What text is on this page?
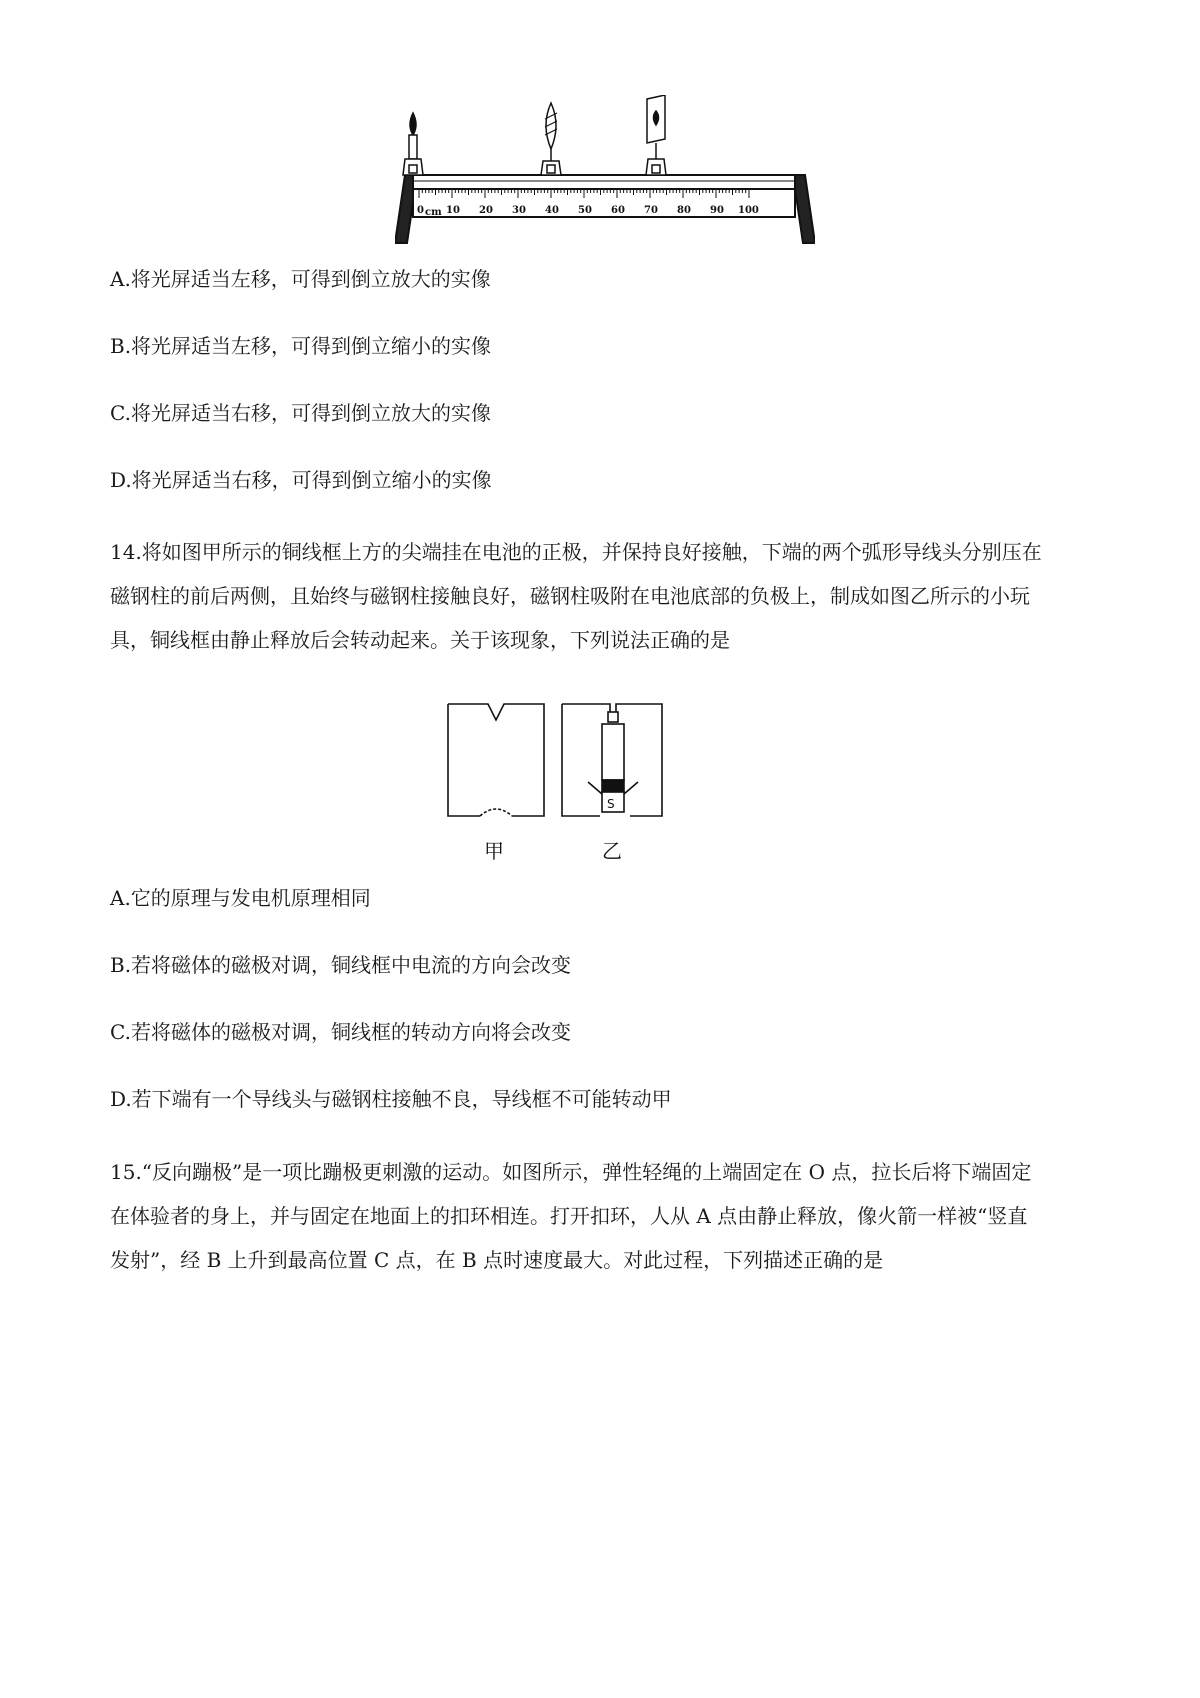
0 cm 10 20 30 40 50 60 70 80 90 100
A.将光屏适当左移，可得到倒立放大的实像
B.将光屏适当左移，可得到倒立缩小的实像
C.将光屏适当右移，可得到倒立放大的实像
D.将光屏适当右移，可得到倒立缩小的实像
14.将如图甲所示的铜线框上方的尖端挂在电池的正极，并保持良好接触，下端的两个弧形导线头分别压在
磁钢柱的前后两侧，且始终与磁钢柱接触良好，磁钢柱吸附在电池底部的负极上，制成如图乙所示的小玩
具，铜线框由静止释放后会转动起来。关于该现象，下列说法正确的是
S
甲	乙
A.它的原理与发电机原理相同
B.若将磁体的磁极对调，铜线框中电流的方向会改变
C.若将磁体的磁极对调，铜线框的转动方向将会改变
D.若下端有一个导线头与磁钢柱接触不良，导线框不可能转动甲
15.“反向蹦极”是一项比蹦极更刺激的运动。如图所示，弹性轻绳的上端固定在 O 点，拉长后将下端固定
在体验者的身上，并与固定在地面上的扣环相连。打开扣环，人从 A 点由静止释放，像火箭一样被“竖直
发射”，经 B 上升到最高位置 C 点，在 B 点时速度最大。对此过程，下列描述正确的是
